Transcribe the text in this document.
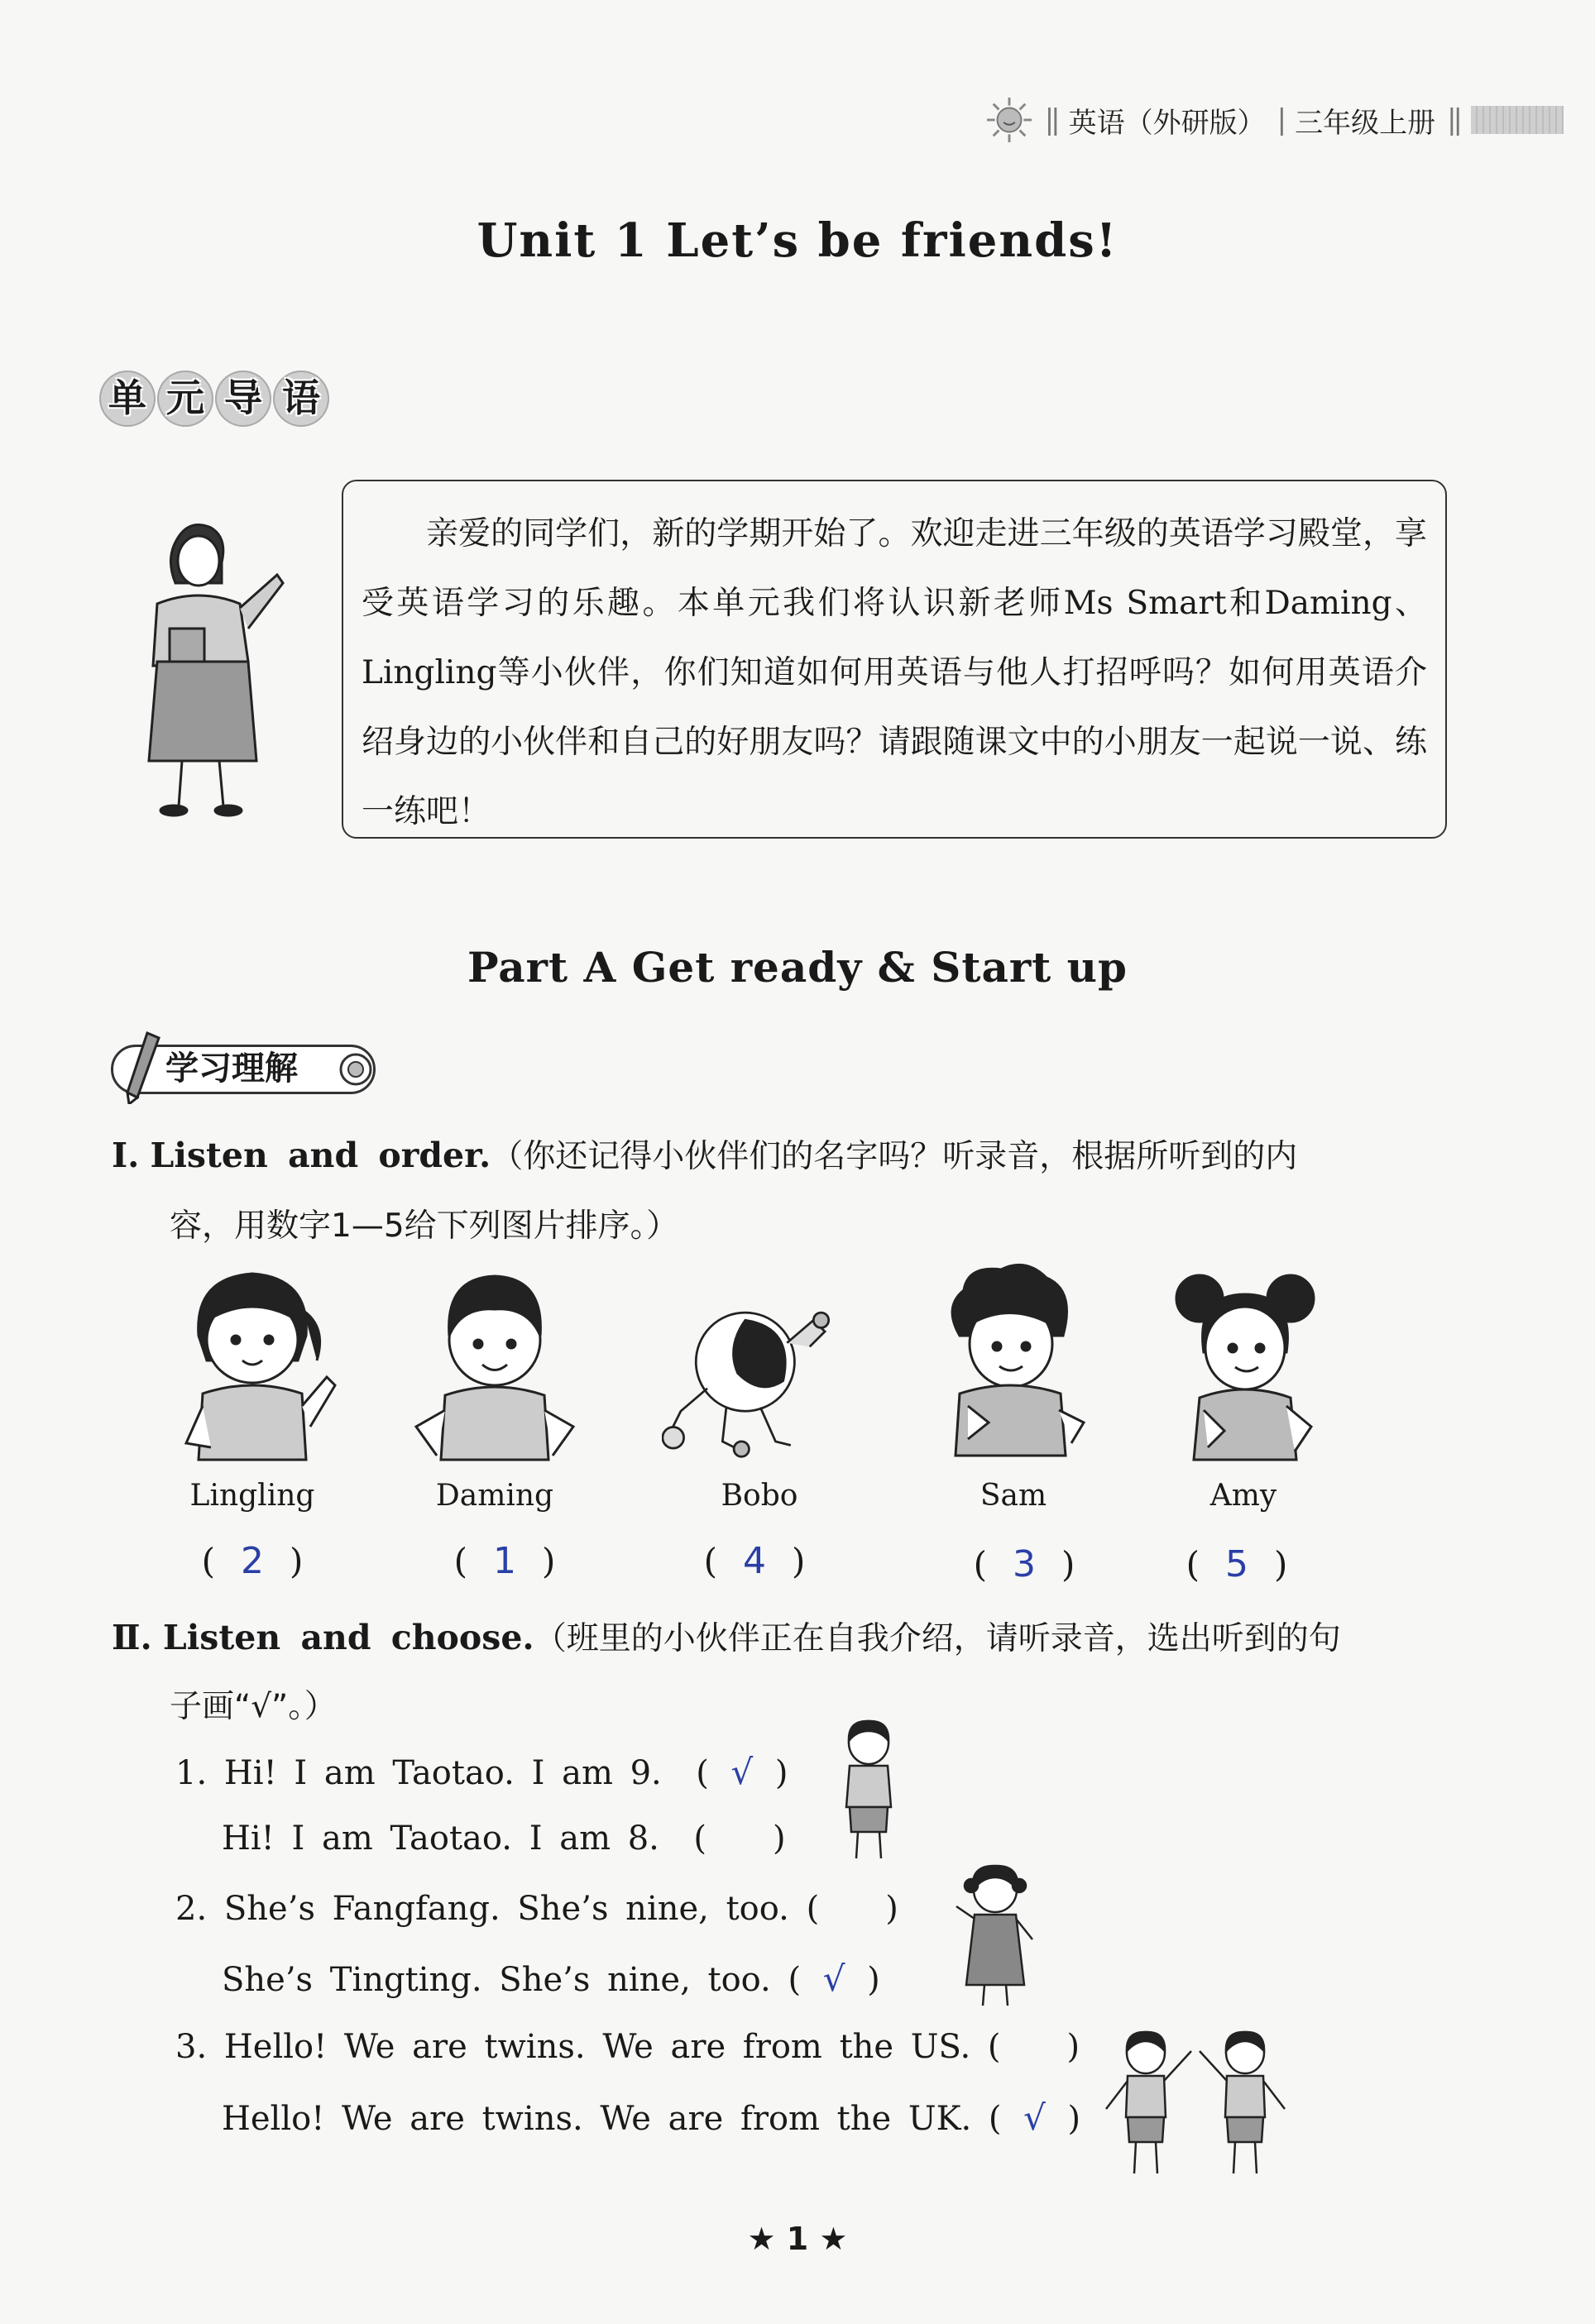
|| 英语（外研版） | 三年级上册 ||
Unit 1 Let’s be friends!
单 元 导 语

亲爱的同学们，新的学期开始了。欢迎走进三年级的英语学习殿堂，享受英语学习的乐趣。本单元我们将认识新老师Ms Smart和Daming、Lingling等小伙伴，你们知道如何用英语与他人打招呼吗？如何用英语介绍身边的小伙伴和自己的好朋友吗？请跟随课文中的小朋友一起说一说、练一练吧！

Part A Get ready & Start up
学习理解
Ⅰ. Listen and order.（你还记得小伙伴们的名字吗？听录音，根据所听到的内
容，用数字1—5给下列图片排序。）
Lingling	Daming	Bobo	Sam	Amy
( 2 )	( 1 )	( 4 )	( 3 )	( 5 )
Ⅱ. Listen and choose.（班里的小伙伴正在自我介绍，请听录音，选出听到的句
子画“√”。）
1. Hi! I am Taotao. I am 9.  ( √ )
Hi! I am Taotao. I am 8.  ( )
2. She’s Fangfang. She’s nine, too. ( )
She’s Tingting. She’s nine, too. ( √ )
3. Hello! We are twins. We are from the US. ( )
Hello! We are twins. We are from the UK. ( √ )
★ 1 ★
